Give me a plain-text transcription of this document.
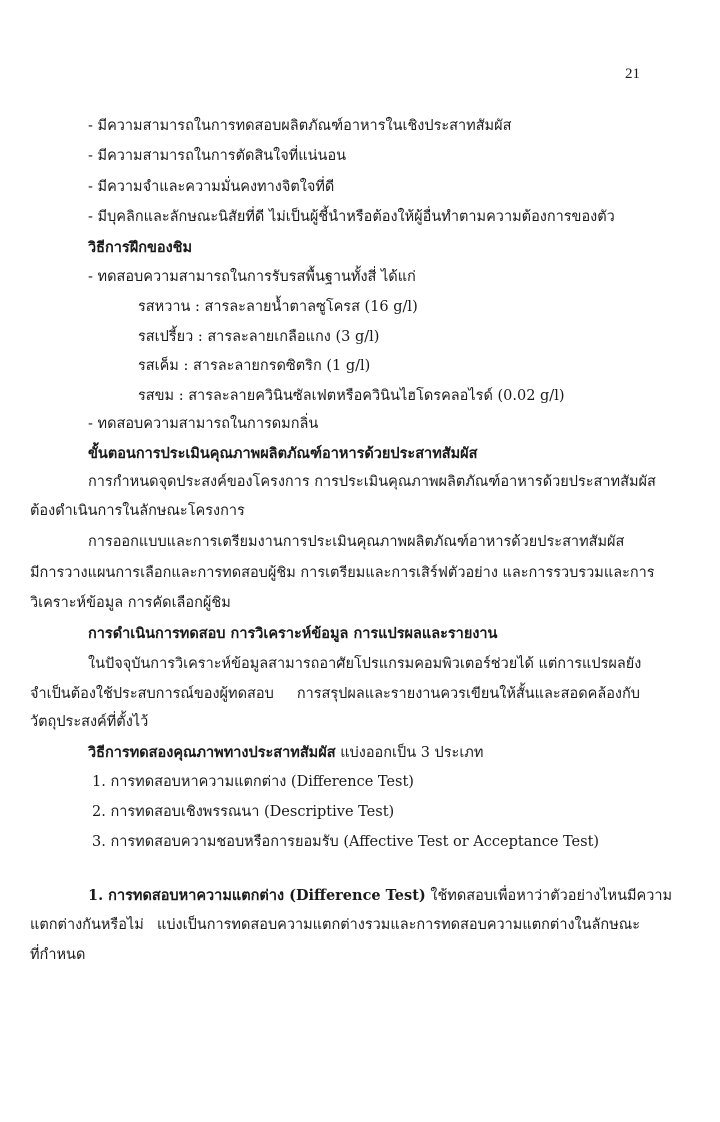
21
- มีความสามารถในการทดสอบผลิตภัณฑ์อาหารในเชิงประสาทสัมผัส
- มีความสามารถในการตัดสินใจที่แน่นอน
- มีความจำและความมั่นคงทางจิตใจที่ดี
- มีบุคลิกและลักษณะนิสัยที่ดี ไม่เป็นผู้ชี้นำหรือต้องให้ผู้อื่นทำตามความต้องการของตัว
วิธีการฝึกของชิม
- ทดสอบความสามารถในการรับรสพื้นฐานทั้งสี่ ได้แก่
รสหวาน : สารละลายน้ำตาลซูโครส (16 g/l)
รสเปรี้ยว : สารละลายเกลือแกง (3 g/l)
รสเค็ม : สารละลายกรดซิตริก (1 g/l)
รสขม : สารละลายควินินซัลเฟตหรือควินินไฮโดรคลอไรด์ (0.02 g/l)
- ทดสอบความสามารถในการดมกลิ่น
ขั้นตอนการประเมินคุณภาพผลิตภัณฑ์อาหารด้วยประสาทสัมผัส
การกำหนดจุดประสงค์ของโครงการ การประเมินคุณภาพผลิตภัณฑ์อาหารด้วยประสาทสัมผัส
ต้องดำเนินการในลักษณะโครงการ
การออกแบบและการเตรียมงานการประเมินคุณภาพผลิตภัณฑ์อาหารด้วยประสาทสัมผัส
มีการวางแผนการเลือกและการทดสอบผู้ชิม การเตรียมและการเสิร์ฟตัวอย่าง และการรวบรวมและการ
วิเคราะห์ข้อมูล การคัดเลือกผู้ชิม
การดำเนินการทดสอบ การวิเคราะห์ข้อมูล การแปรผลและรายงาน
ในปัจจุบันการวิเคราะห์ข้อมูลสามารถอาศัยโปรแกรมคอมพิวเตอร์ช่วยได้ แต่การแปรผลยัง
จำเป็นต้องใช้ประสบการณ์ของผู้ทดสอบ การสรุปผลและรายงานควรเขียนให้สั้นและสอดคล้องกับ
วัตถุประสงค์ที่ตั้งไว้
วิธีการทดสองคุณภาพทางประสาทสัมผัส แบ่งออกเป็น 3 ประเภท
1. การทดสอบหาความแตกต่าง (Difference Test)
2. การทดสอบเชิงพรรณนา (Descriptive Test)
3. การทดสอบความชอบหรือการยอมรับ (Affective Test or Acceptance Test)
1. การทดสอบหาความแตกต่าง (Difference Test) ใช้ทดสอบเพื่อหาว่าตัวอย่างไหนมีความ
แตกต่างกันหรือไม่ แบ่งเป็นการทดสอบความแตกต่างรวมและการทดสอบความแตกต่างในลักษณะ
ที่กำหนด
